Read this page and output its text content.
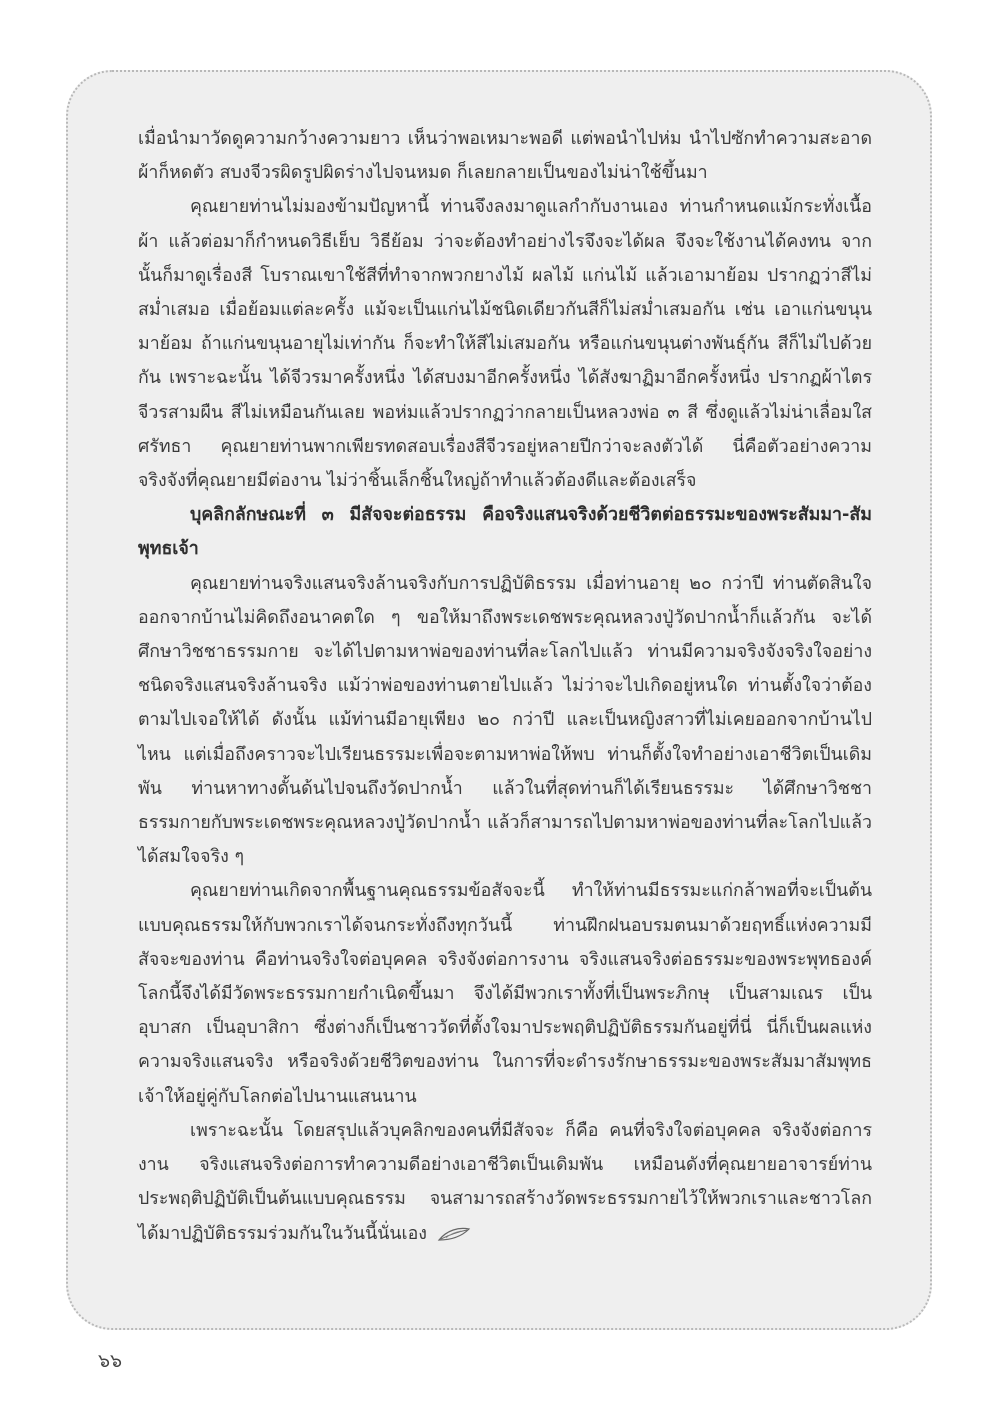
เมื่อนำมาวัดดูความกว้างความยาว เห็นว่าพอเหมาะพอดี แต่พอนำไปห่ม นำไปซักทำความสะอาด ผ้าก็หดตัว สบงจีวรผิดรูปผิดร่างไปจนหมด ก็เลยกลายเป็นของไม่น่าใช้ขึ้นมา

คุณยายท่านไม่มองข้ามปัญหานี้ ท่านจึงลงมาดูแลกำกับงานเอง ท่านกำหนดแม้กระทั่งเนื้อผ้า แล้วต่อมาก็กำหนดวิธีเย็บ วิธีย้อม ว่าจะต้องทำอย่างไรจึงจะได้ผล จึงจะใช้งานได้คงทน จากนั้นก็มาดูเรื่องสี โบราณเขาใช้สีที่ทำจากพวกยางไม้ ผลไม้ แก่นไม้ แล้วเอามาย้อม ปรากฏว่าสีไม่สม่ำเสมอ เมื่อย้อมแต่ละครั้ง แม้จะเป็นแก่นไม้ชนิดเดียวกันสีก็ไม่สม่ำเสมอกัน เช่น เอาแก่นขนุนมาย้อม ถ้าแก่นขนุนอายุไม่เท่ากัน ก็จะทำให้สีไม่เสมอกัน หรือแก่นขนุนต่างพันธุ์กัน สีก็ไม่ไปด้วยกัน เพราะฉะนั้น ได้จีวรมาครั้งหนึ่ง ได้สบงมาอีกครั้งหนึ่ง ได้สังฆาฏิมาอีกครั้งหนึ่ง ปรากฏผ้าไตรจีวรสามผืน สีไม่เหมือนกันเลย พอห่มแล้วปรากฏว่ากลายเป็นหลวงพ่อ ๓ สี ซึ่งดูแล้วไม่น่าเลื่อมใสศรัทธา คุณยายท่านพากเพียรทดสอบเรื่องสีจีวรอยู่หลายปีกว่าจะลงตัวได้ นี่คือตัวอย่างความจริงจังที่คุณยายมีต่องาน ไม่ว่าชิ้นเล็กชิ้นใหญ่ถ้าทำแล้วต้องดีและต้องเสร็จ

บุคลิกลักษณะที่ ๓ มีสัจจะต่อธรรม คือจริงแสนจริงด้วยชีวิตต่อธรรมะของพระสัมมา-สัมพุทธเจ้า

คุณยายท่านจริงแสนจริงล้านจริงกับการปฏิบัติธรรม เมื่อท่านอายุ ๒๐ กว่าปี ท่านตัดสินใจออกจากบ้านไม่คิดถึงอนาคตใด ๆ ขอให้มาถึงพระเดชพระคุณหลวงปู่วัดปากน้ำก็แล้วกัน จะได้ศึกษาวิชชาธรรมกาย จะได้ไปตามหาพ่อของท่านที่ละโลกไปแล้ว ท่านมีความจริงจังจริงใจอย่างชนิดจริงแสนจริงล้านจริง แม้ว่าพ่อของท่านตายไปแล้ว ไม่ว่าจะไปเกิดอยู่หนใด ท่านตั้งใจว่าต้องตามไปเจอให้ได้ ดังนั้น แม้ท่านมีอายุเพียง ๒๐ กว่าปี และเป็นหญิงสาวที่ไม่เคยออกจากบ้านไปไหน แต่เมื่อถึงคราวจะไปเรียนธรรมะเพื่อจะตามหาพ่อให้พบ ท่านก็ตั้งใจทำอย่างเอาชีวิตเป็นเดิมพัน ท่านหาทางดั้นด้นไปจนถึงวัดปากน้ำ แล้วในที่สุดท่านก็ได้เรียนธรรมะ ได้ศึกษาวิชชาธรรมกายกับพระเดชพระคุณหลวงปู่วัดปากน้ำ แล้วก็สามารถไปตามหาพ่อของท่านที่ละโลกไปแล้วได้สมใจจริง ๆ

คุณยายท่านเกิดจากพื้นฐานคุณธรรมข้อสัจจะนี้ ทำให้ท่านมีธรรมะแก่กล้าพอที่จะเป็นต้นแบบคุณธรรมให้กับพวกเราได้จนกระทั่งถึงทุกวันนี้ ท่านฝึกฝนอบรมตนมาด้วยฤทธิ์แห่งความมีสัจจะของท่าน คือท่านจริงใจต่อบุคคล จริงจังต่อการงาน จริงแสนจริงต่อธรรมะของพระพุทธองค์ โลกนี้จึงได้มีวัดพระธรรมกายกำเนิดขึ้นมา จึงได้มีพวกเราทั้งที่เป็นพระภิกษุ เป็นสามเณร เป็นอุบาสก เป็นอุบาสิกา ซึ่งต่างก็เป็นชาววัดที่ตั้งใจมาประพฤติปฏิบัติธรรมกันอยู่ที่นี่ นี่ก็เป็นผลแห่งความจริงแสนจริง หรือจริงด้วยชีวิตของท่าน ในการที่จะดำรงรักษาธรรมะของพระสัมมาสัมพุทธเจ้าให้อยู่คู่กับโลกต่อไปนานแสนนาน

เพราะฉะนั้น โดยสรุปแล้วบุคลิกของคนที่มีสัจจะ ก็คือ คนที่จริงใจต่อบุคคล จริงจังต่อการงาน จริงแสนจริงต่อการทำความดีอย่างเอาชีวิตเป็นเดิมพัน เหมือนดังที่คุณยายอาจารย์ท่านประพฤติปฏิบัติเป็นต้นแบบคุณธรรม จนสามารถสร้างวัดพระธรรมกายไว้ให้พวกเราและชาวโลกได้มาปฏิบัติธรรมร่วมกันในวันนี้นั่นเอง

๖๖
